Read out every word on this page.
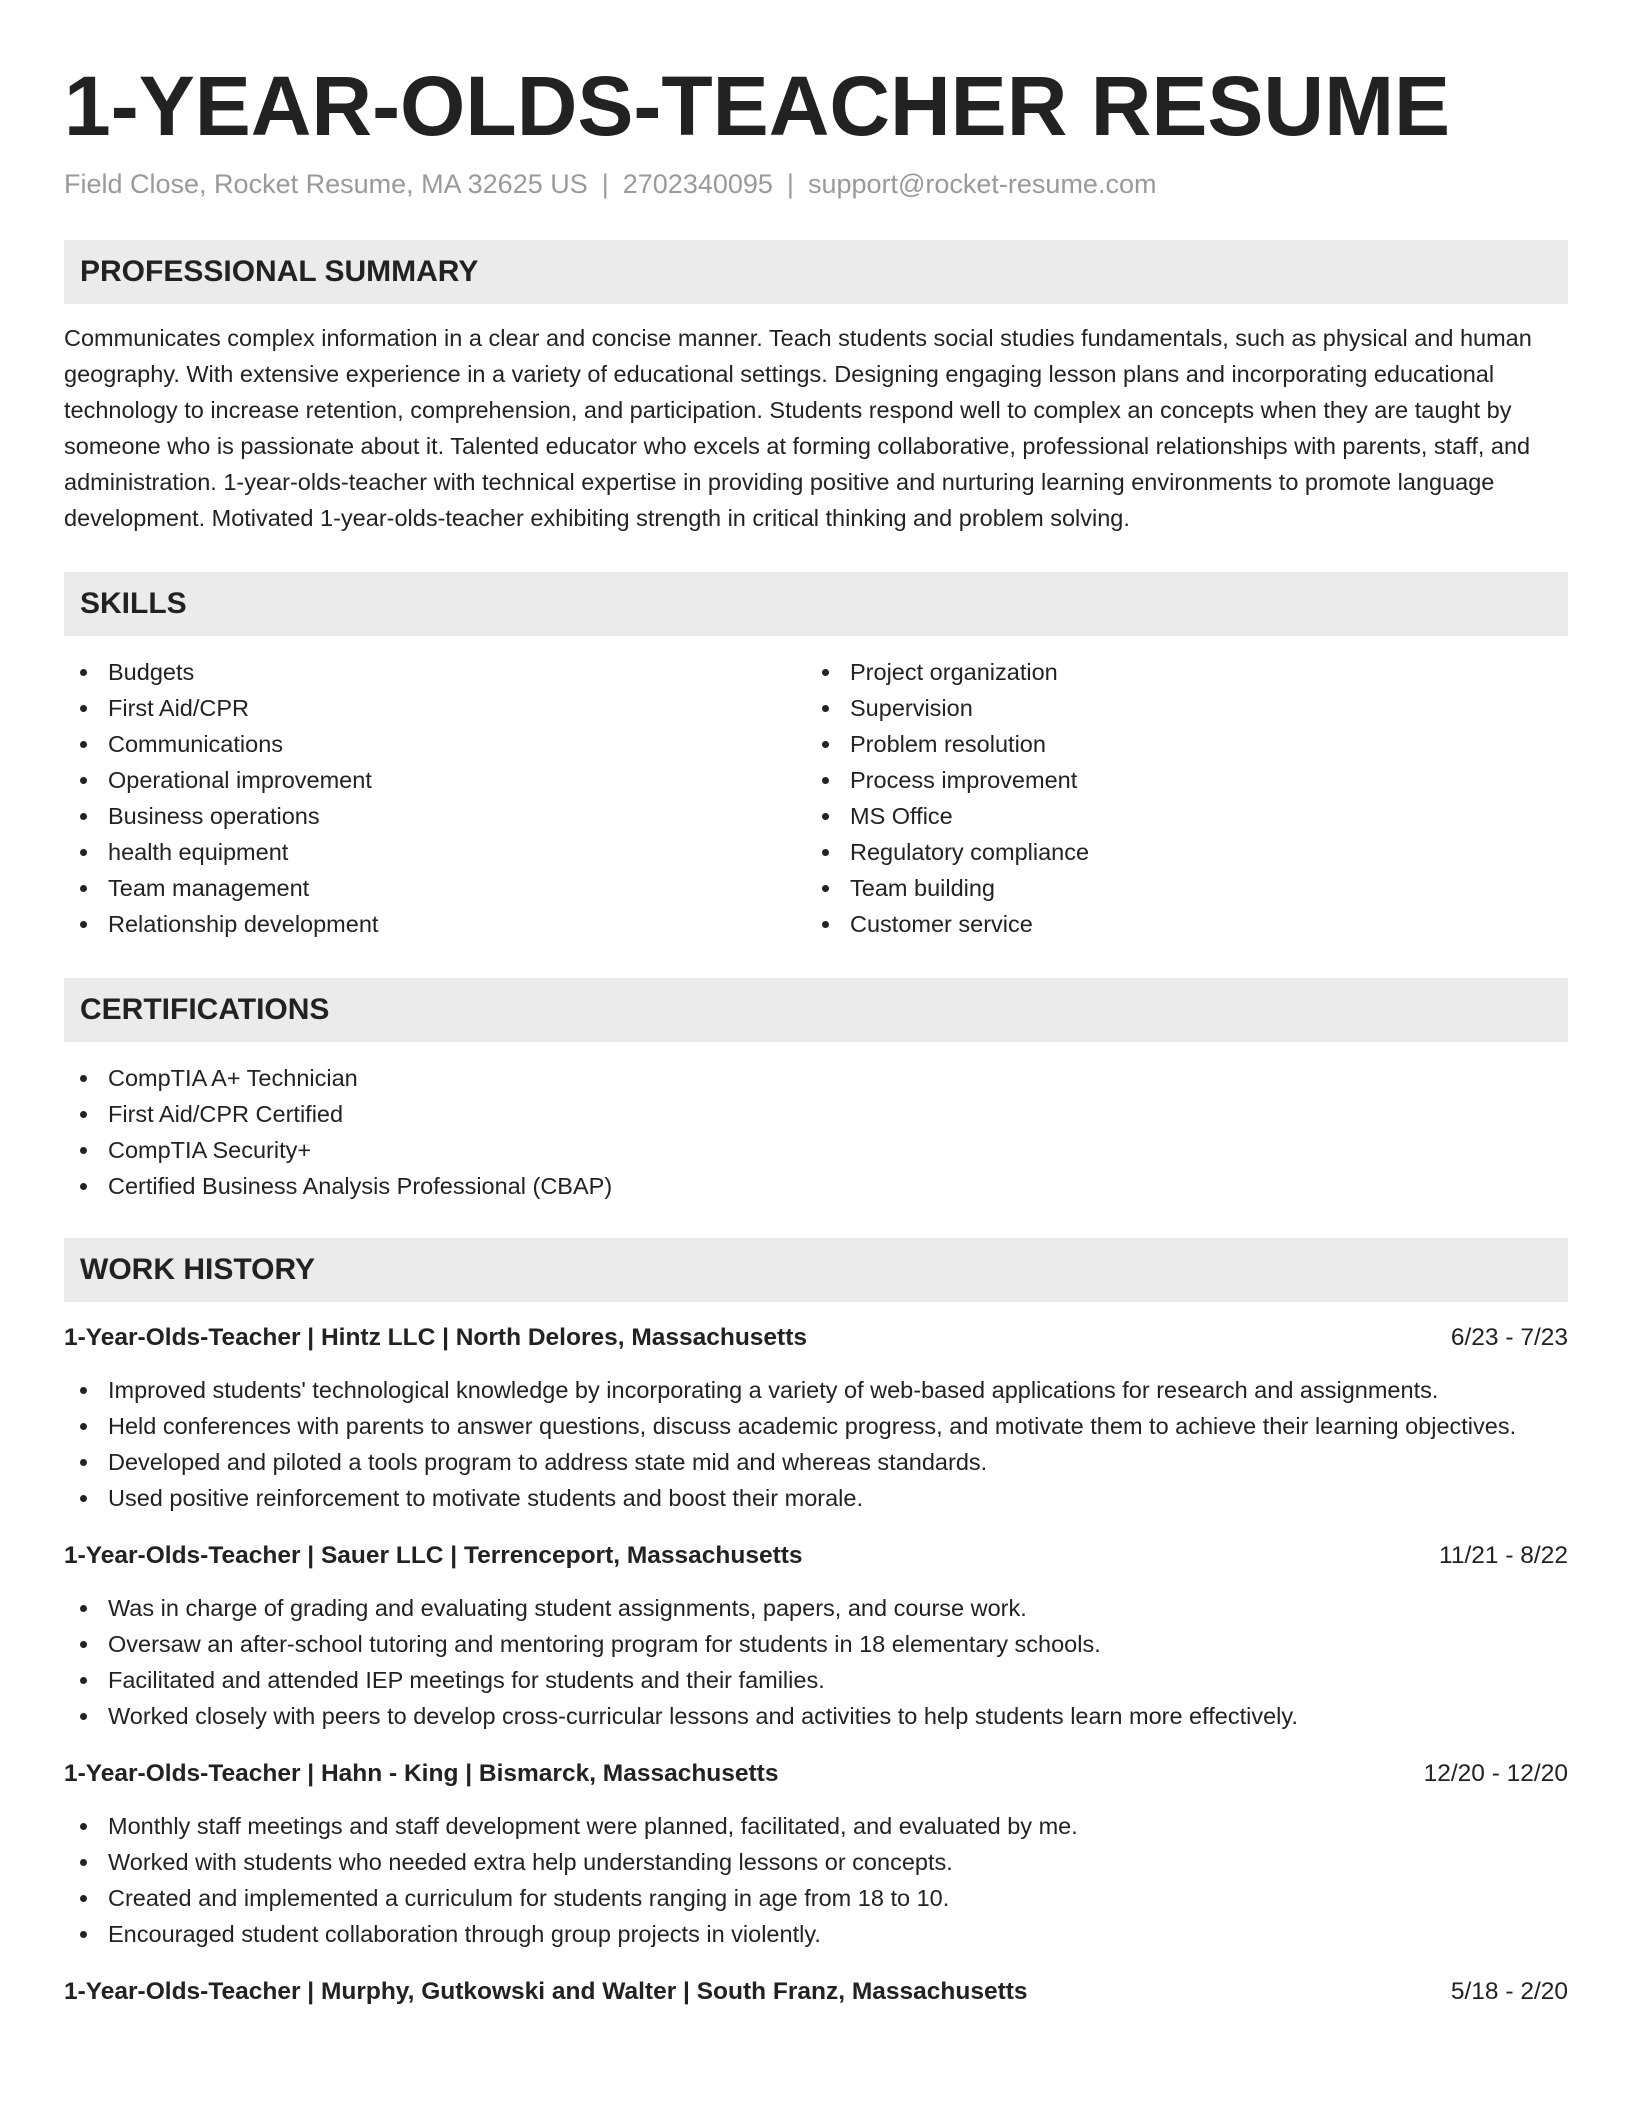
1-YEAR-OLDS-TEACHER RESUME
Field Close, Rocket Resume, MA 32625 US | 2702340095 | support@rocket-resume.com
PROFESSIONAL SUMMARY
Communicates complex information in a clear and concise manner. Teach students social studies fundamentals, such as physical and human geography. With extensive experience in a variety of educational settings. Designing engaging lesson plans and incorporating educational technology to increase retention, comprehension, and participation. Students respond well to complex an concepts when they are taught by someone who is passionate about it. Talented educator who excels at forming collaborative, professional relationships with parents, staff, and administration. 1-year-olds-teacher with technical expertise in providing positive and nurturing learning environments to promote language development. Motivated 1-year-olds-teacher exhibiting strength in critical thinking and problem solving.
SKILLS
Budgets
First Aid/CPR
Communications
Operational improvement
Business operations
health equipment
Team management
Relationship development
Project organization
Supervision
Problem resolution
Process improvement
MS Office
Regulatory compliance
Team building
Customer service
CERTIFICATIONS
CompTIA A+ Technician
First Aid/CPR Certified
CompTIA Security+
Certified Business Analysis Professional (CBAP)
WORK HISTORY
1-Year-Olds-Teacher | Hintz LLC | North Delores, Massachusetts	6/23 - 7/23
Improved students' technological knowledge by incorporating a variety of web-based applications for research and assignments.
Held conferences with parents to answer questions, discuss academic progress, and motivate them to achieve their learning objectives.
Developed and piloted a tools program to address state mid and whereas standards.
Used positive reinforcement to motivate students and boost their morale.
1-Year-Olds-Teacher | Sauer LLC | Terrenceport, Massachusetts	11/21 - 8/22
Was in charge of grading and evaluating student assignments, papers, and course work.
Oversaw an after-school tutoring and mentoring program for students in 18 elementary schools.
Facilitated and attended IEP meetings for students and their families.
Worked closely with peers to develop cross-curricular lessons and activities to help students learn more effectively.
1-Year-Olds-Teacher | Hahn - King | Bismarck, Massachusetts	12/20 - 12/20
Monthly staff meetings and staff development were planned, facilitated, and evaluated by me.
Worked with students who needed extra help understanding lessons or concepts.
Created and implemented a curriculum for students ranging in age from 18 to 10.
Encouraged student collaboration through group projects in violently.
1-Year-Olds-Teacher | Murphy, Gutkowski and Walter | South Franz, Massachusetts	5/18 - 2/20
